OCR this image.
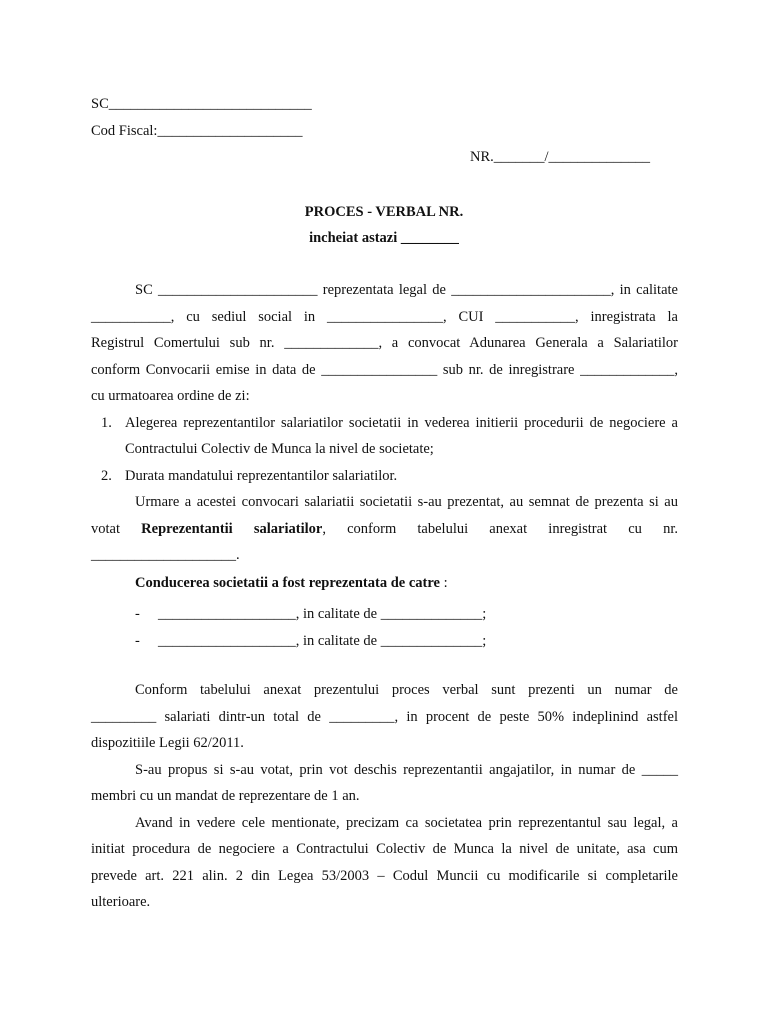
SC____________________________
Cod Fiscal:____________________
NR._______/______________
PROCES - VERBAL NR.
incheiat astazi ________
SC ______________________ reprezentata legal de ______________________, in calitate
___________, cu sediul social in ________________, CUI ___________, inregistrata la
Registrul Comertului sub nr. _____________, a convocat Adunarea Generala a Salariatilor
conform Convocarii emise in data de ________________ sub nr. de inregistrare _____________,
cu urmatoarea ordine de zi:
1. Alegerea reprezentantilor salariatilor societatii in vederea initierii procedurii de negociere a
Contractului Colectiv de Munca la nivel de societate;
2. Durata mandatului reprezentantilor salariatilor.
Urmare a acestei convocari salariatii societatii s-au prezentat, au semnat de prezenta si au
votat Reprezentantii salariatilor, conform tabelului anexat inregistrat cu nr.
____________________.
Conducerea societatii a fost reprezentata de catre :
- ___________________, in calitate de ______________;
- ___________________, in calitate de ______________;
Conform tabelului anexat prezentului proces verbal sunt prezenti un numar de
_________ salariati dintr-un total de _________, in procent de peste 50% indeplinind astfel
dispozitiile Legii 62/2011.
S-au propus si s-au votat, prin vot deschis reprezentantii angajatilor, in numar de _____
membri cu un mandat de reprezentare de 1 an.
Avand in vedere cele mentionate, precizam ca societatea prin reprezentantul sau legal, a
initiat procedura de negociere a Contractului Colectiv de Munca la nivel de unitate, asa cum
prevede art. 221 alin. 2 din Legea 53/2003 – Codul Muncii cu modificarile si completarile
ulterioare.
